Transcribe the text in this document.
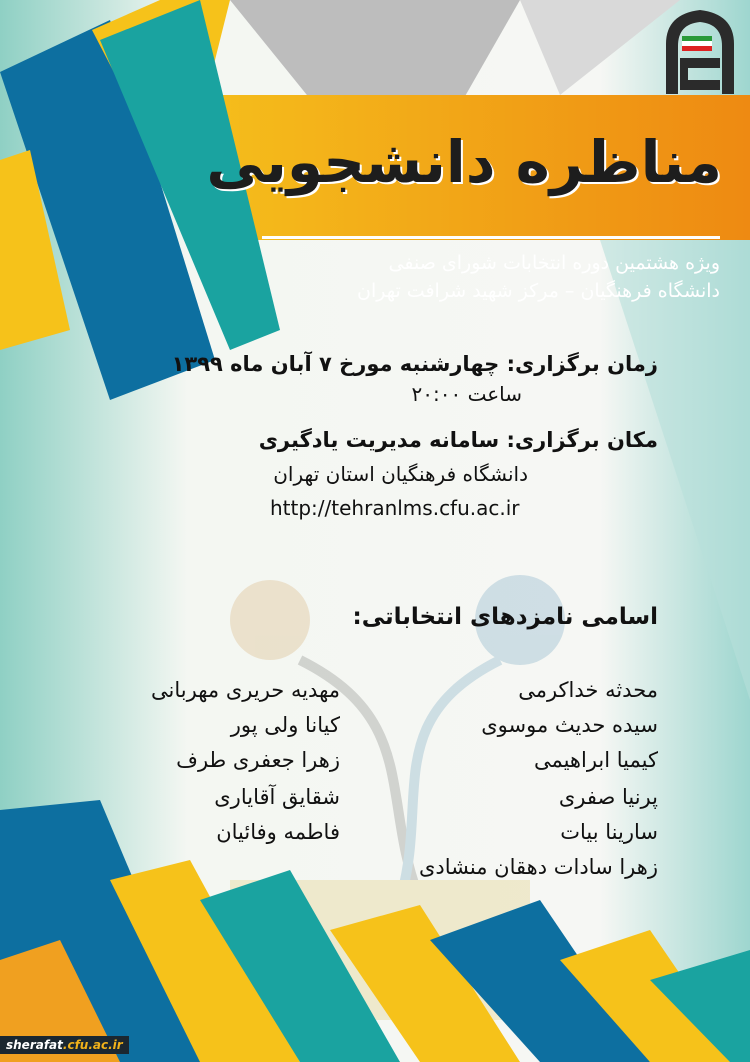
مناظره دانشجویی
ویژه هشتمین دوره انتخابات شورای صنفی
دانشگاه فرهنگیان – مرکز شهید شرافت تهران
زمان برگزاری: چهارشنبه مورخ ۷ آبان ماه ۱۳۹۹
ساعت ۲۰:۰۰
مکان برگزاری: سامانه مدیریت یادگیری
دانشگاه فرهنگیان استان تهران
http://tehranlms.cfu.ac.ir
اسامی نامزدهای انتخاباتی:
محدثه خداکرمی
سیده حدیث موسوی
کیمیا ابراهیمی
پرنیا صفری
سارینا بیات
زهرا سادات دهقان منشادی
مهدیه حریری مهربانی
کیانا ولی پور
زهرا جعفری طرف
شقایق آقایاری
فاطمه وفائیان
sherafat.cfu.ac.ir
